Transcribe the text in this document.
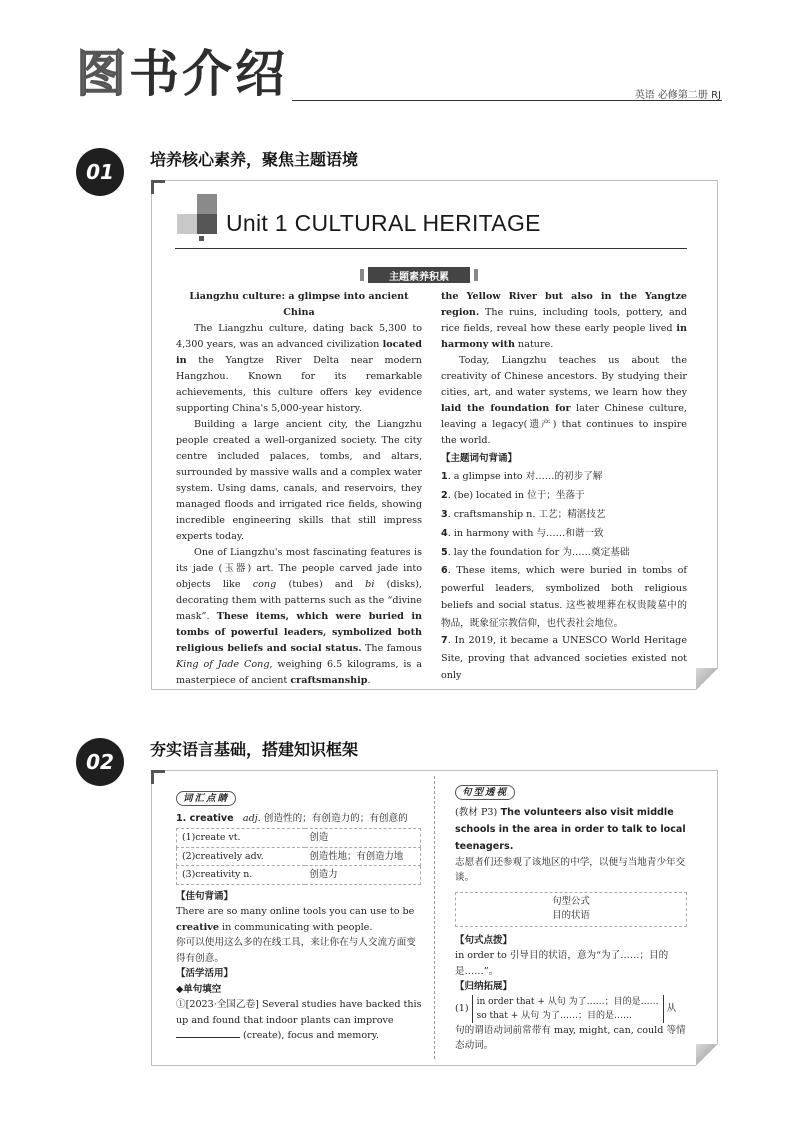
图 书 介 绍	英语 必修第二册 RJ
01
培养核心素养，聚焦主题语境
Unit 1 CULTURAL HERITAGE
主题素养积累

Liangzhu culture: a glimpse into ancient China

The Liangzhu culture, dating back 5,300 to 4,300 years, was an advanced civilization located in the Yangtze River Delta near modern Hangzhou. Known for its remarkable achievements, this culture offers key evidence supporting China's 5,000-year history.

Building a large ancient city, the Liangzhu people created a well-organized society. The city centre included palaces, tombs, and altars, surrounded by massive walls and a complex water system. Using dams, canals, and reservoirs, they managed floods and irrigated rice fields, showing incredible engineering skills that still impress experts today.

One of Liangzhu's most fascinating features is its jade (玉器) art. The people carved jade into objects like cong (tubes) and bi (disks), decorating them with patterns such as the “divine mask”. These items, which were buried in tombs of powerful leaders, symbolized both religious beliefs and social status. The famous King of Jade Cong, weighing 6.5 kilograms, is a masterpiece of ancient craftsmanship.

the Yellow River but also in the Yangtze region. The ruins, including tools, pottery, and rice fields, reveal how these early people lived in harmony with nature.

Today, Liangzhu teaches us about the creativity of Chinese ancestors. By studying their cities, art, and water systems, we learn how they laid the foundation for later Chinese culture, leaving a legacy(遗产) that continues to inspire the world.

【主题词句背诵】

1. a glimpse into 对……的初步了解

2. (be) located in 位于；坐落于

3. craftsmanship n. 工艺；精湛技艺

4. in harmony with 与……和谐一致

5. lay the foundation for 为……奠定基础

6. These items, which were buried in tombs of powerful leaders, symbolized both religious beliefs and social status. 这些被埋葬在权贵陵墓中的物品，既象征宗教信仰，也代表社会地位。

7. In 2019, it became a UNESCO World Heritage Site, proving that advanced societies existed not only

02
夯实语言基础，搭建知识框架
词汇点睛

1. creative adj. 创造性的；有创造力的；有创意的

(1)create vt.	创造
(2)creatively adv.	创造性地；有创造力地
(3)creativity n.	创造力

【佳句背诵】

There are so many online tools you can use to be creative in communicating with people.

你可以使用这么多的在线工具，来让你在与人交流方面变得有创意。

【活学活用】

◆单句填空

①[2023·全国乙卷] Several studies have backed this up and found that indoor plants can improve  (create), focus and memory.

句型透视

(教材 P3) The volunteers also visit middle schools in the area in order to talk to local teenagers.

志愿者们还参观了该地区的中学，以便与当地青少年交谈。

句型公式
目的状语

【句式点拨】

in order to 引导目的状语，意为“为了……；目的是……”。

【归纳拓展】

(1)
in order that + 从句 为了……；目的是……
so that + 从句 为了……；目的是……
从

句的谓语动词前常带有 may, might, can, could 等情态动词。
